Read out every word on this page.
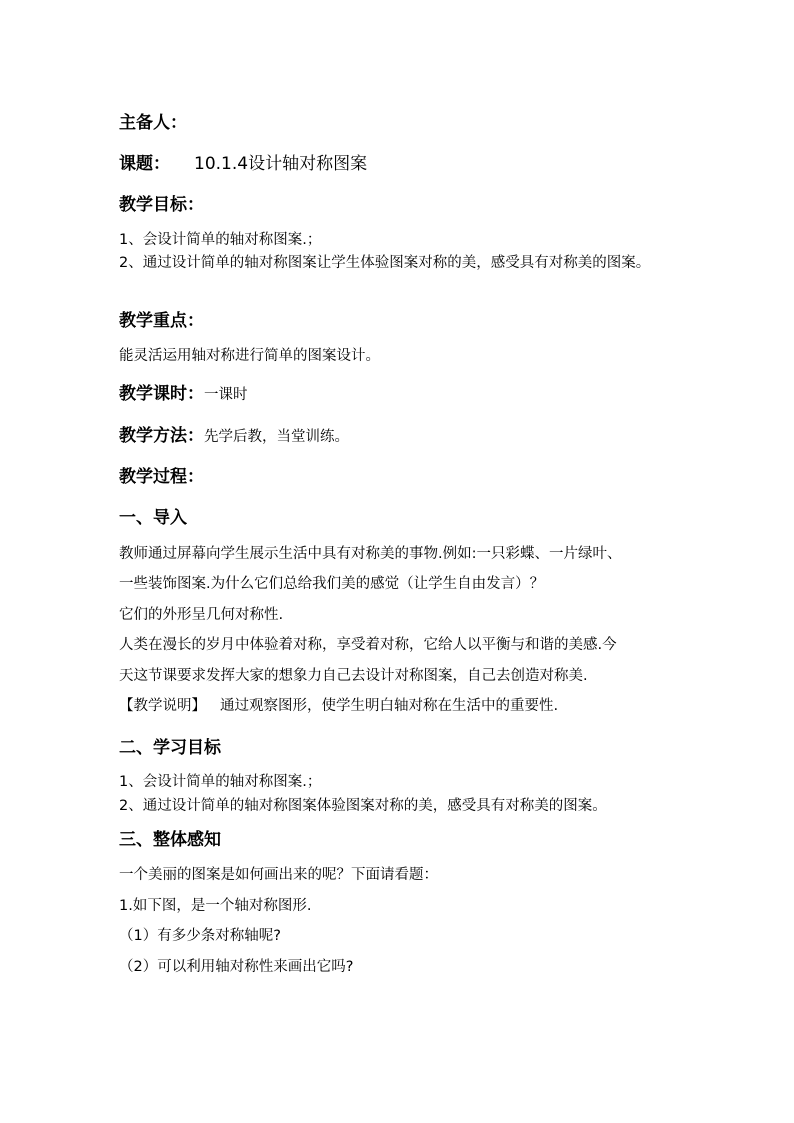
主备人：
课题： 10.1.4设计轴对称图案
教学目标：
1、会设计简单的轴对称图案.；
2、通过设计简单的轴对称图案让学生体验图案对称的美，感受具有对称美的图案。
教学重点：
能灵活运用轴对称进行简单的图案设计。
教学课时：一课时
教学方法：先学后教，当堂训练。
教学过程：
一、导入
教师通过屏幕向学生展示生活中具有对称美的事物.例如:一只彩蝶、一片绿叶、
一些装饰图案.为什么它们总给我们美的感觉（让学生自由发言）？
它们的外形呈几何对称性.
人类在漫长的岁月中体验着对称，享受着对称，它给人以平衡与和谐的美感.今
天这节课要求发挥大家的想象力自己去设计对称图案，自己去创造对称美.
【教学说明】 通过观察图形，使学生明白轴对称在生活中的重要性.
二、学习目标
1、会设计简单的轴对称图案.；
2、通过设计简单的轴对称图案体验图案对称的美，感受具有对称美的图案。
三、整体感知
一个美丽的图案是如何画出来的呢？下面请看题：
1.如下图，是一个轴对称图形.
（1）有多少条对称轴呢?
（2）可以利用轴对称性来画出它吗?
